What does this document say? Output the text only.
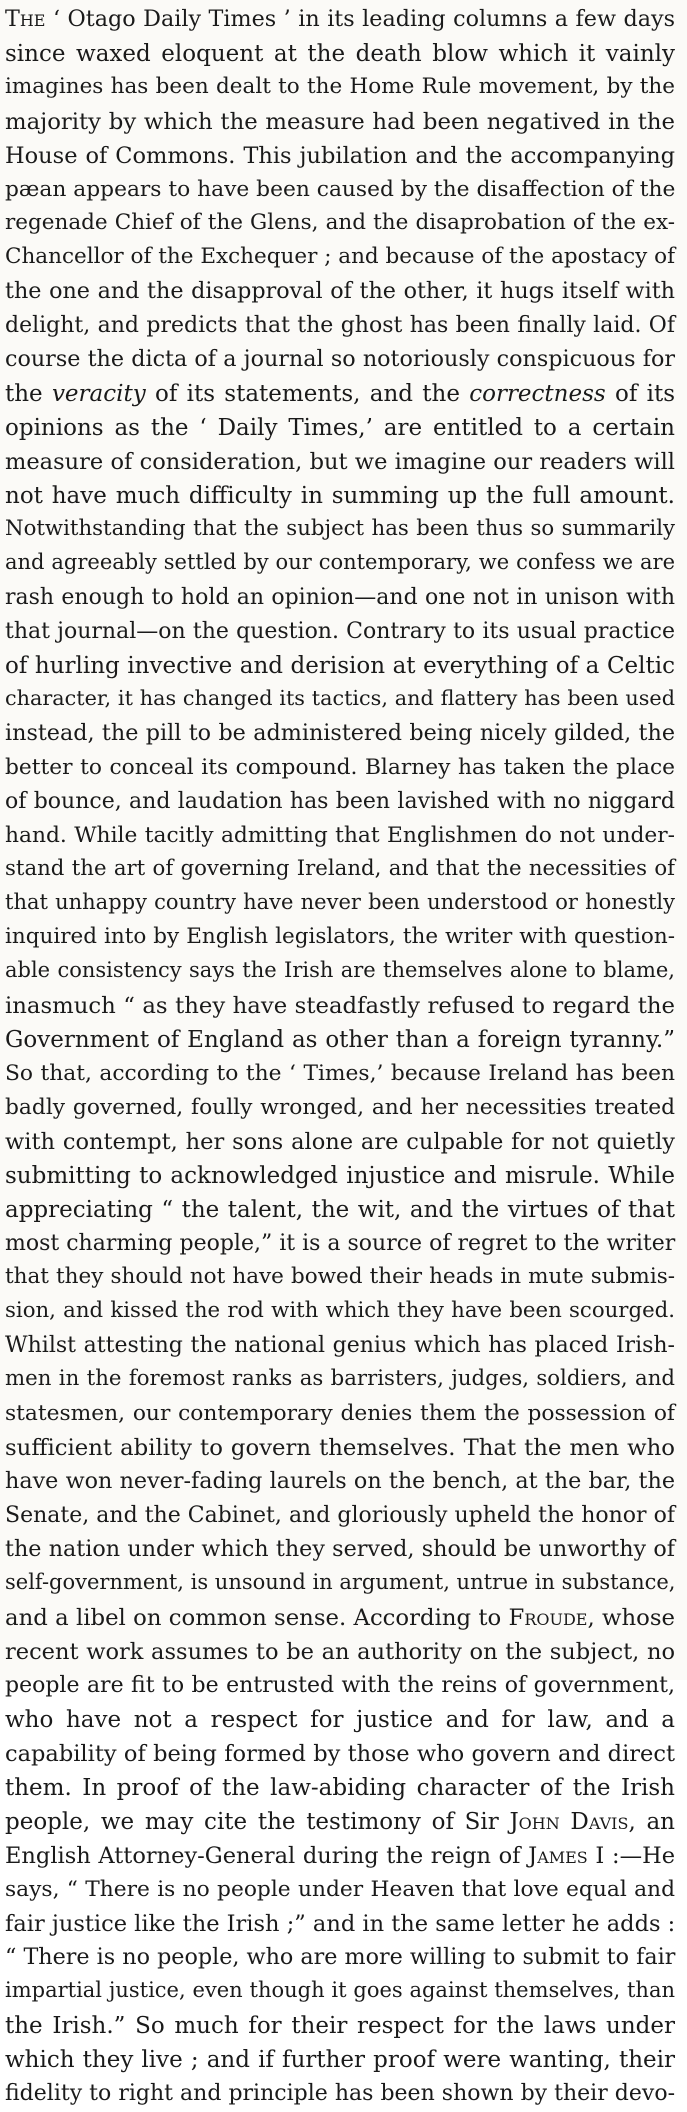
The ‘ Otago Daily Times ’ in its leading columns a few days
since waxed eloquent at the death blow which it vainly
imagines has been dealt to the Home Rule movement, by the
majority by which the measure had been negatived in the
House of Commons. This jubilation and the accompanying
pæan appears to have been caused by the disaffection of the
regenade Chief of the Glens, and the disaprobation of the ex-
Chancellor of the Exchequer ; and because of the apostacy of
the one and the disapproval of the other, it hugs itself with
delight, and predicts that the ghost has been finally laid. Of
course the dicta of a journal so notoriously conspicuous for
the veracity of its statements, and the correctness of its
opinions as the ‘ Daily Times,’ are entitled to a certain
measure of consideration, but we imagine our readers will
not have much difficulty in summing up the full amount.
Notwithstanding that the subject has been thus so summarily
and agreeably settled by our contemporary, we confess we are
rash enough to hold an opinion—and one not in unison with
that journal—on the question. Contrary to its usual practice
of hurling invective and derision at everything of a Celtic
character, it has changed its tactics, and flattery has been used
instead, the pill to be administered being nicely gilded, the
better to conceal its compound. Blarney has taken the place
of bounce, and laudation has been lavished with no niggard
hand. While tacitly admitting that Englishmen do not under-
stand the art of governing Ireland, and that the necessities of
that unhappy country have never been understood or honestly
inquired into by English legislators, the writer with question-
able consistency says the Irish are themselves alone to blame,
inasmuch “ as they have steadfastly refused to regard the
Government of England as other than a foreign tyranny.”
So that, according to the ‘ Times,’ because Ireland has been
badly governed, foully wronged, and her necessities treated
with contempt, her sons alone are culpable for not quietly
submitting to acknowledged injustice and misrule. While
appreciating “ the talent, the wit, and the virtues of that
most charming people,” it is a source of regret to the writer
that they should not have bowed their heads in mute submis-
sion, and kissed the rod with which they have been scourged.
Whilst attesting the national genius which has placed Irish-
men in the foremost ranks as barristers, judges, soldiers, and
statesmen, our contemporary denies them the possession of
sufficient ability to govern themselves. That the men who
have won never-fading laurels on the bench, at the bar, the
Senate, and the Cabinet, and gloriously upheld the honor of
the nation under which they served, should be unworthy of
self-government, is unsound in argument, untrue in substance,
and a libel on common sense. According to Froude, whose
recent work assumes to be an authority on the subject, no
people are fit to be entrusted with the reins of government,
who have not a respect for justice and for law, and a
capability of being formed by those who govern and direct
them. In proof of the law-abiding character of the Irish
people, we may cite the testimony of Sir John Davis, an
English Attorney-General during the reign of James I :—He
says, “ There is no people under Heaven that love equal and
fair justice like the Irish ;” and in the same letter he adds :
“ There is no people, who are more willing to submit to fair
impartial justice, even though it goes against themselves, than
the Irish.” So much for their respect for the laws under
which they live ; and if further proof were wanting, their
fidelity to right and principle has been shown by their devo-
